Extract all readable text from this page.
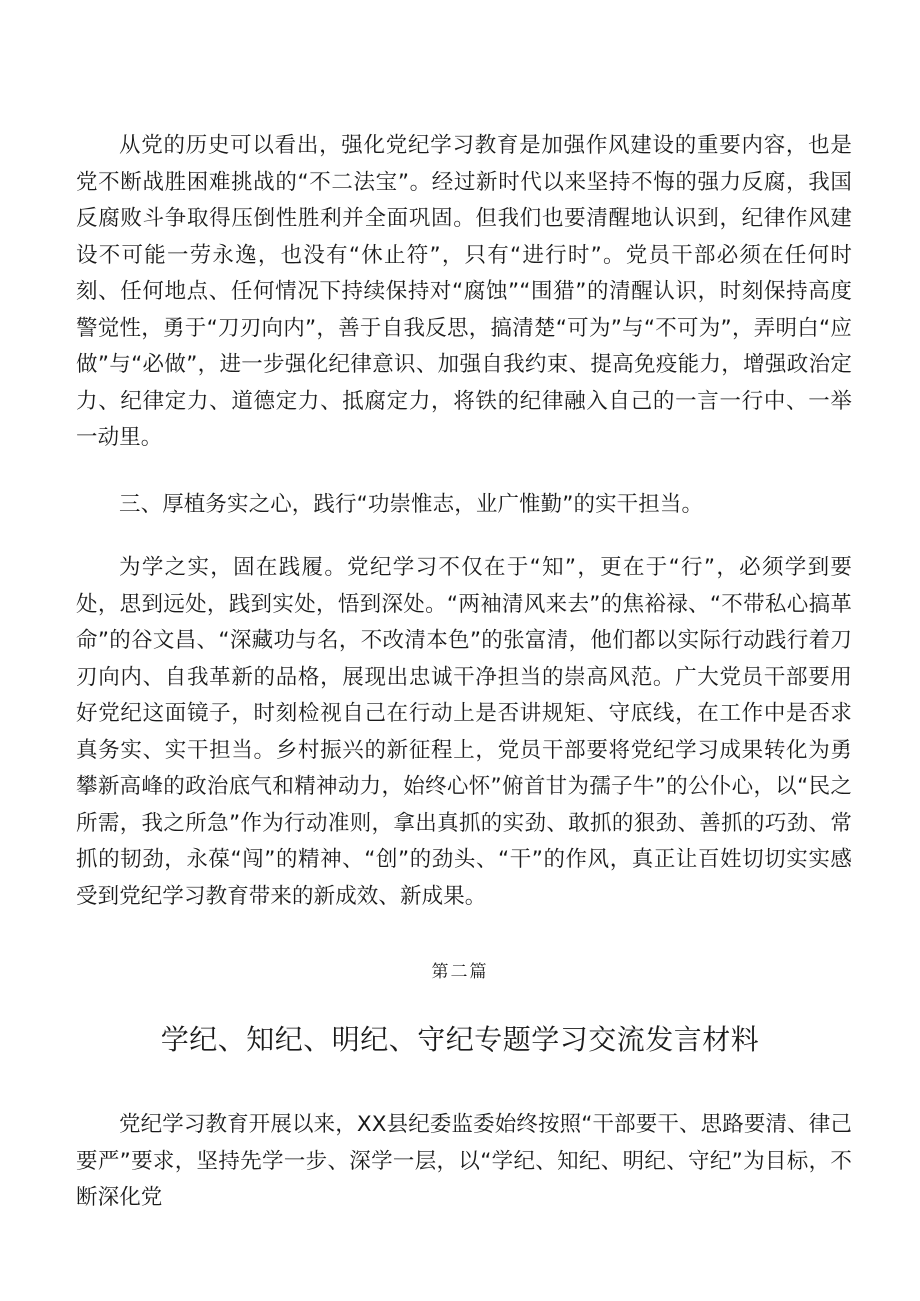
从党的历史可以看出，强化党纪学习教育是加强作风建设的重要内容，也是党不断战胜困难挑战的“不二法宝”。经过新时代以来坚持不悔的强力反腐，我国反腐败斗争取得压倒性胜利并全面巩固。但我们也要清醒地认识到，纪律作风建设不可能一劳永逸，也没有“休止符”，只有“进行时”。党员干部必须在任何时刻、任何地点、任何情况下持续保持对“腐蚀”“围猎”的清醒认识，时刻保持高度警觉性，勇于“刀刃向内”，善于自我反思，搞清楚“可为”与“不可为”，弄明白“应做”与“必做”，进一步强化纪律意识、加强自我约束、提高免疫能力，增强政治定力、纪律定力、道德定力、抵腐定力，将铁的纪律融入自己的一言一行中、一举一动里。

三、厚植务实之心，践行“功崇惟志，业广惟勤”的实干担当。

为学之实，固在践履。党纪学习不仅在于“知”，更在于“行”，必须学到要处，思到远处，践到实处，悟到深处。“两袖清风来去”的焦裕禄、“不带私心搞革命”的谷文昌、“深藏功与名，不改清本色”的张富清，他们都以实际行动践行着刀刃向内、自我革新的品格，展现出忠诚干净担当的崇高风范。广大党员干部要用好党纪这面镜子，时刻检视自己在行动上是否讲规矩、守底线，在工作中是否求真务实、实干担当。乡村振兴的新征程上，党员干部要将党纪学习成果转化为勇攀新高峰的政治底气和精神动力，始终心怀”俯首甘为孺子牛”的公仆心，以“民之所需，我之所急”作为行动准则，拿出真抓的实劲、敢抓的狠劲、善抓的巧劲、常抓的韧劲，永葆“闯”的精神、“创”的劲头、“干”的作风，真正让百姓切切实实感受到党纪学习教育带来的新成效、新成果。

第二篇

学纪、知纪、明纪、守纪专题学习交流发言材料

党纪学习教育开展以来，XX县纪委监委始终按照“干部要干、思路要清、律己要严”要求，坚持先学一步、深学一层，以“学纪、知纪、明纪、守纪”为目标，不断深化党
